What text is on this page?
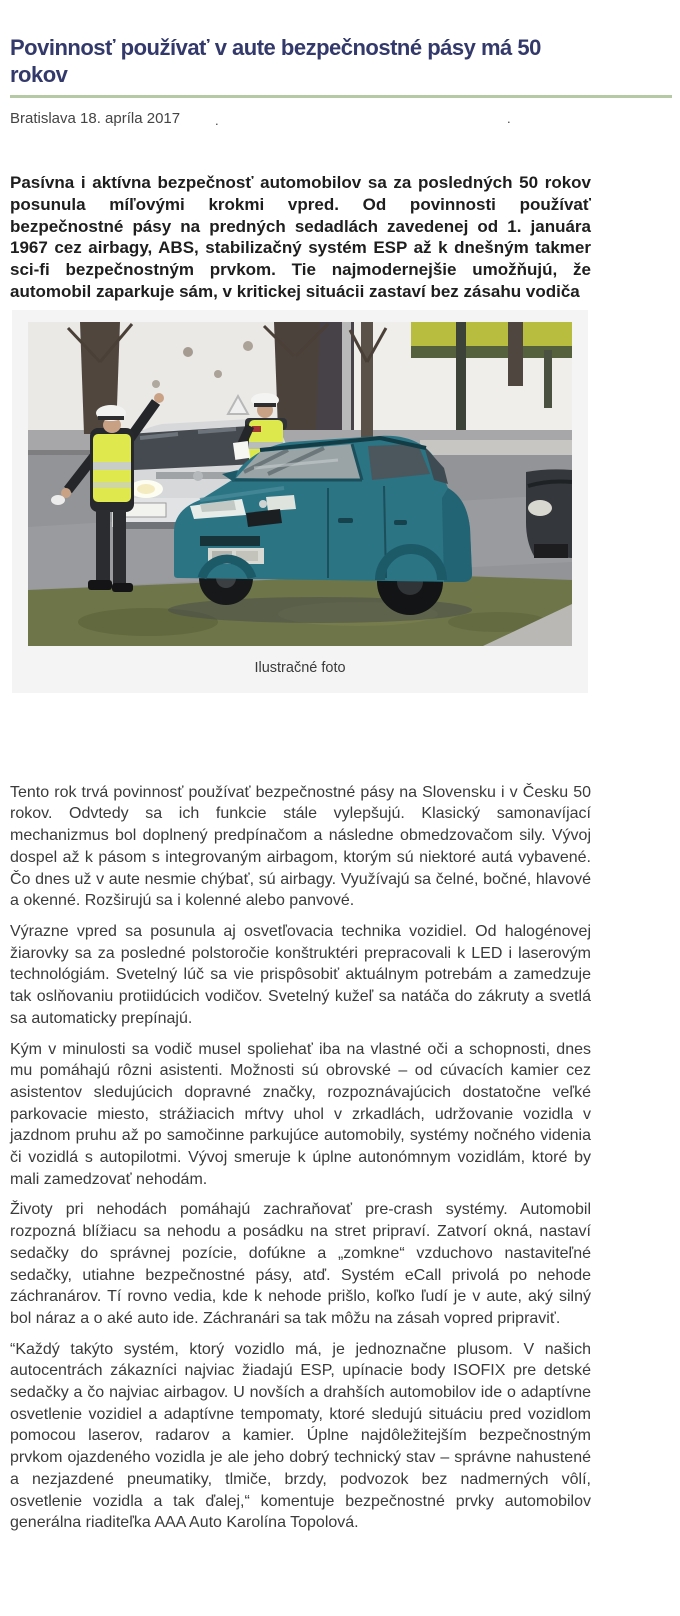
Povinnosť používať v aute bezpečnostné pásy má 50
rokov
Bratislava 18. apríla 2017	.	.

Pasívna i aktívna bezpečnosť automobilov sa za posledných 50 rokov posunula míľovými krokmi vpred. Od povinnosti používať bezpečnostné pásy na predných sedadlách zavedenej od 1. januára 1967 cez airbagy, ABS, stabilizačný systém ESP až k dnešným takmer sci-fi bezpečnostným prvkom. Tie najmodernejšie umožňujú, že automobil zaparkuje sám, v kritickej situácii zastaví bez zásahu vodiča

Ilustračné foto

Tento rok trvá povinnosť používať bezpečnostné pásy na Slovensku i v Česku 50 rokov. Odvtedy sa ich funkcie stále vylepšujú. Klasický samonavíjací mechanizmus bol doplnený predpínačom a následne obmedzovačom sily. Vývoj dospel až k pásom s integrovaným airbagom, ktorým sú niektoré autá vybavené. Čo dnes už v aute nesmie chýbať, sú airbagy. Využívajú sa čelné, bočné, hlavové a okenné. Rozširujú sa i kolenné alebo panvové.

Výrazne vpred sa posunula aj osvetľovacia technika vozidiel. Od halogénovej žiarovky sa za posledné polstoročie konštruktéri prepracovali k LED i laserovým technológiám. Svetelný lúč sa vie prispôsobiť aktuálnym potrebám a zamedzuje tak oslňovaniu protiidúcich vodičov. Svetelný kužeľ sa natáča do zákruty a svetlá sa automaticky prepínajú.

Kým v minulosti sa vodič musel spoliehať iba na vlastné oči a schopnosti, dnes mu pomáhajú rôzni asistenti. Možnosti sú obrovské – od cúvacích kamier cez asistentov sledujúcich dopravné značky, rozpoznávajúcich dostatočne veľké parkovacie miesto, strážiacich mŕtvy uhol v zrkadlách, udržovanie vozidla v jazdnom pruhu až po samočinne parkujúce automobily, systémy nočného videnia či vozidlá s autopilotmi. Vývoj smeruje k úplne autonómnym vozidlám, ktoré by mali zamedzovať nehodám.

Životy pri nehodách pomáhajú zachraňovať pre-crash systémy. Automobil rozpozná blížiacu sa nehodu a posádku na stret pripraví. Zatvorí okná, nastaví sedačky do správnej pozície, dofúkne a „zomkne“ vzduchovo nastaviteľné sedačky, utiahne bezpečnostné pásy, atď. Systém eCall privolá po nehode záchranárov. Tí rovno vedia, kde k nehode prišlo, koľko ľudí je v aute, aký silný bol náraz a o aké auto ide. Záchranári sa tak môžu na zásah vopred pripraviť.

“Každý takýto systém, ktorý vozidlo má, je jednoznačne plusom. V našich autocentrách zákazníci najviac žiadajú ESP, upínacie body ISOFIX pre detské sedačky a čo najviac airbagov. U novších a drahších automobilov ide o adaptívne osvetlenie vozidiel a adaptívne tempomaty, ktoré sledujú situáciu pred vozidlom pomocou laserov, radarov a kamier. Úplne najdôležitejším bezpečnostným prvkom ojazdeného vozidla je ale jeho dobrý technický stav – správne nahustené a nezjazdené pneumatiky, tlmiče, brzdy, podvozok bez nadmerných vôlí, osvetlenie vozidla a tak ďalej,“ komentuje bezpečnostné prvky automobilov generálna riaditeľka AAA Auto Karolína Topolová.
